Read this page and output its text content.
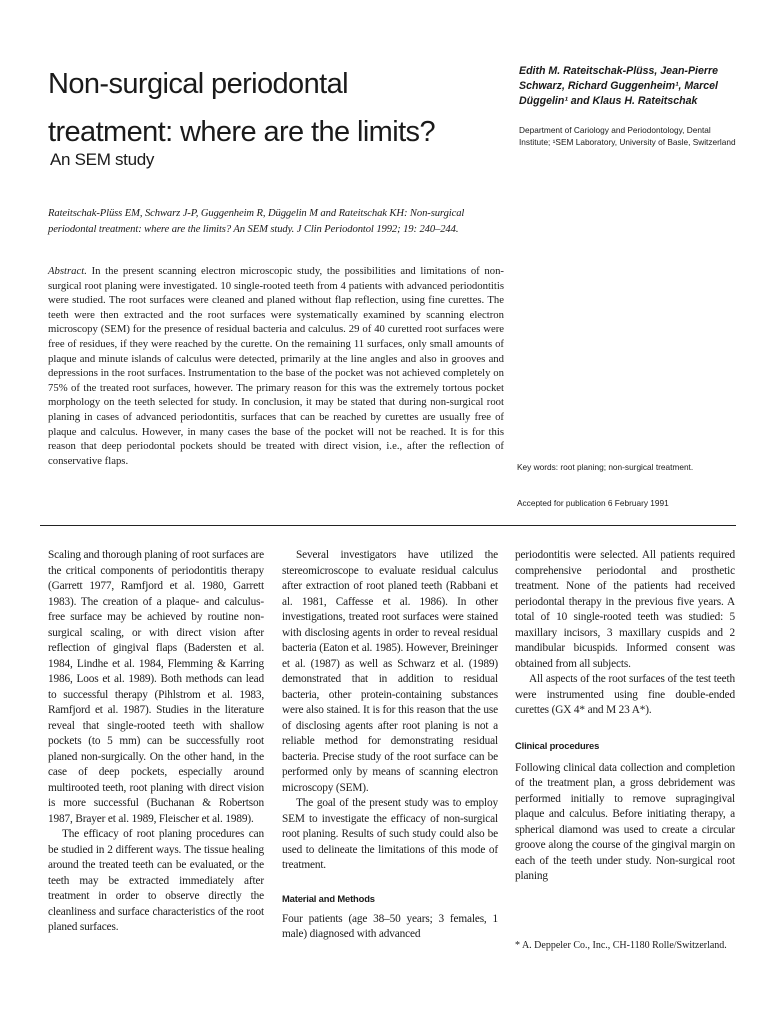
Non-surgical periodontal
treatment: where are the limits?
An SEM study
Edith M. Rateitschak-Plüss, Jean-Pierre Schwarz, Richard Guggenheim¹, Marcel Düggelin¹ and Klaus H. Rateitschak
Department of Cariology and Periodontology, Dental Institute; ¹SEM Laboratory, University of Basle, Switzerland
Rateitschak-Plüss EM, Schwarz J-P, Guggenheim R, Düggelin M and Rateitschak KH: Non-surgical periodontal treatment: where are the limits? An SEM study. J Clin Periodontol 1992; 19: 240–244.
Abstract. In the present scanning electron microscopic study, the possibilities and limitations of non-surgical root planing were investigated. 10 single-rooted teeth from 4 patients with advanced periodontitis were studied. The root surfaces were cleaned and planed without flap reflection, using fine curettes. The teeth were then extracted and the root surfaces were systematically examined by scanning electron microscopy (SEM) for the presence of residual bacteria and calculus. 29 of 40 curetted root surfaces were free of residues, if they were reached by the curette. On the remaining 11 surfaces, only small amounts of plaque and minute islands of calculus were detected, primarily at the line angles and also in grooves and depressions in the root surfaces. Instrumentation to the base of the pocket was not achieved completely on 75% of the treated root surfaces, however. The primary reason for this was the extremely tortous pocket morphology on the teeth selected for study. In conclusion, it may be stated that during non-surgical root planing in cases of advanced periodontitis, surfaces that can be reached by curettes are usually free of plaque and calculus. However, in many cases the base of the pocket will not be reached. It is for this reason that deep periodontal pockets should be treated with direct vision, i.e., after the reflection of conservative flaps.
Key words: root planing; non-surgical treatment.
Accepted for publication 6 February 1991

Scaling and thorough planing of root surfaces are the critical components of periodontitis therapy (Garrett 1977, Ramfjord et al. 1980, Garrett 1983). The creation of a plaque- and calculus-free surface may be achieved by routine non-surgical scaling, or with direct vision after reflection of gingival flaps (Badersten et al. 1984, Lindhe et al. 1984, Flemming & Karring 1986, Loos et al. 1989). Both methods can lead to successful therapy (Pihlstrom et al. 1983, Ramfjord et al. 1987). Studies in the literature reveal that single-rooted teeth with shallow pockets (to 5 mm) can be successfully root planed non-surgically. On the other hand, in the case of deep pockets, especially around multirooted teeth, root planing with direct vision is more successful (Buchanan & Robertson 1987, Brayer et al. 1989, Fleischer et al. 1989).

The efficacy of root planing procedures can be studied in 2 different ways. The tissue healing around the treated teeth can be evaluated, or the teeth may be extracted immediately after treatment in order to observe directly the cleanliness and surface characteristics of the root planed surfaces.

Several investigators have utilized the stereomicroscope to evaluate residual calculus after extraction of root planed teeth (Rabbani et al. 1981, Caffesse et al. 1986). In other investigations, treated root surfaces were stained with disclosing agents in order to reveal residual bacteria (Eaton et al. 1985). However, Breininger et al. (1987) as well as Schwarz et al. (1989) demonstrated that in addition to residual bacteria, other protein-containing substances were also stained. It is for this reason that the use of disclosing agents after root planing is not a reliable method for demonstrating residual bacteria. Precise study of the root surface can be performed only by means of scanning electron microscopy (SEM).

The goal of the present study was to employ SEM to investigate the efficacy of non-surgical root planing. Results of such study could also be used to delineate the limitations of this mode of treatment.

Material and Methods

Four patients (age 38–50 years; 3 females, 1 male) diagnosed with advanced

periodontitis were selected. All patients required comprehensive periodontal and prosthetic treatment. None of the patients had received periodontal therapy in the previous five years. A total of 10 single-rooted teeth was studied: 5 maxillary incisors, 3 maxillary cuspids and 2 mandibular bicuspids. Informed consent was obtained from all subjects.

All aspects of the root surfaces of the test teeth were instrumented using fine double-ended curettes (GX 4* and M 23 A*).

Clinical procedures

Following clinical data collection and completion of the treatment plan, a gross debridement was performed initially to remove supragingival plaque and calculus. Before initiating therapy, a spherical diamond was used to create a circular groove along the course of the gingival margin on each of the teeth under study. Non-surgical root planing

* A. Deppeler Co., Inc., CH-1180 Rolle/Switzerland.
